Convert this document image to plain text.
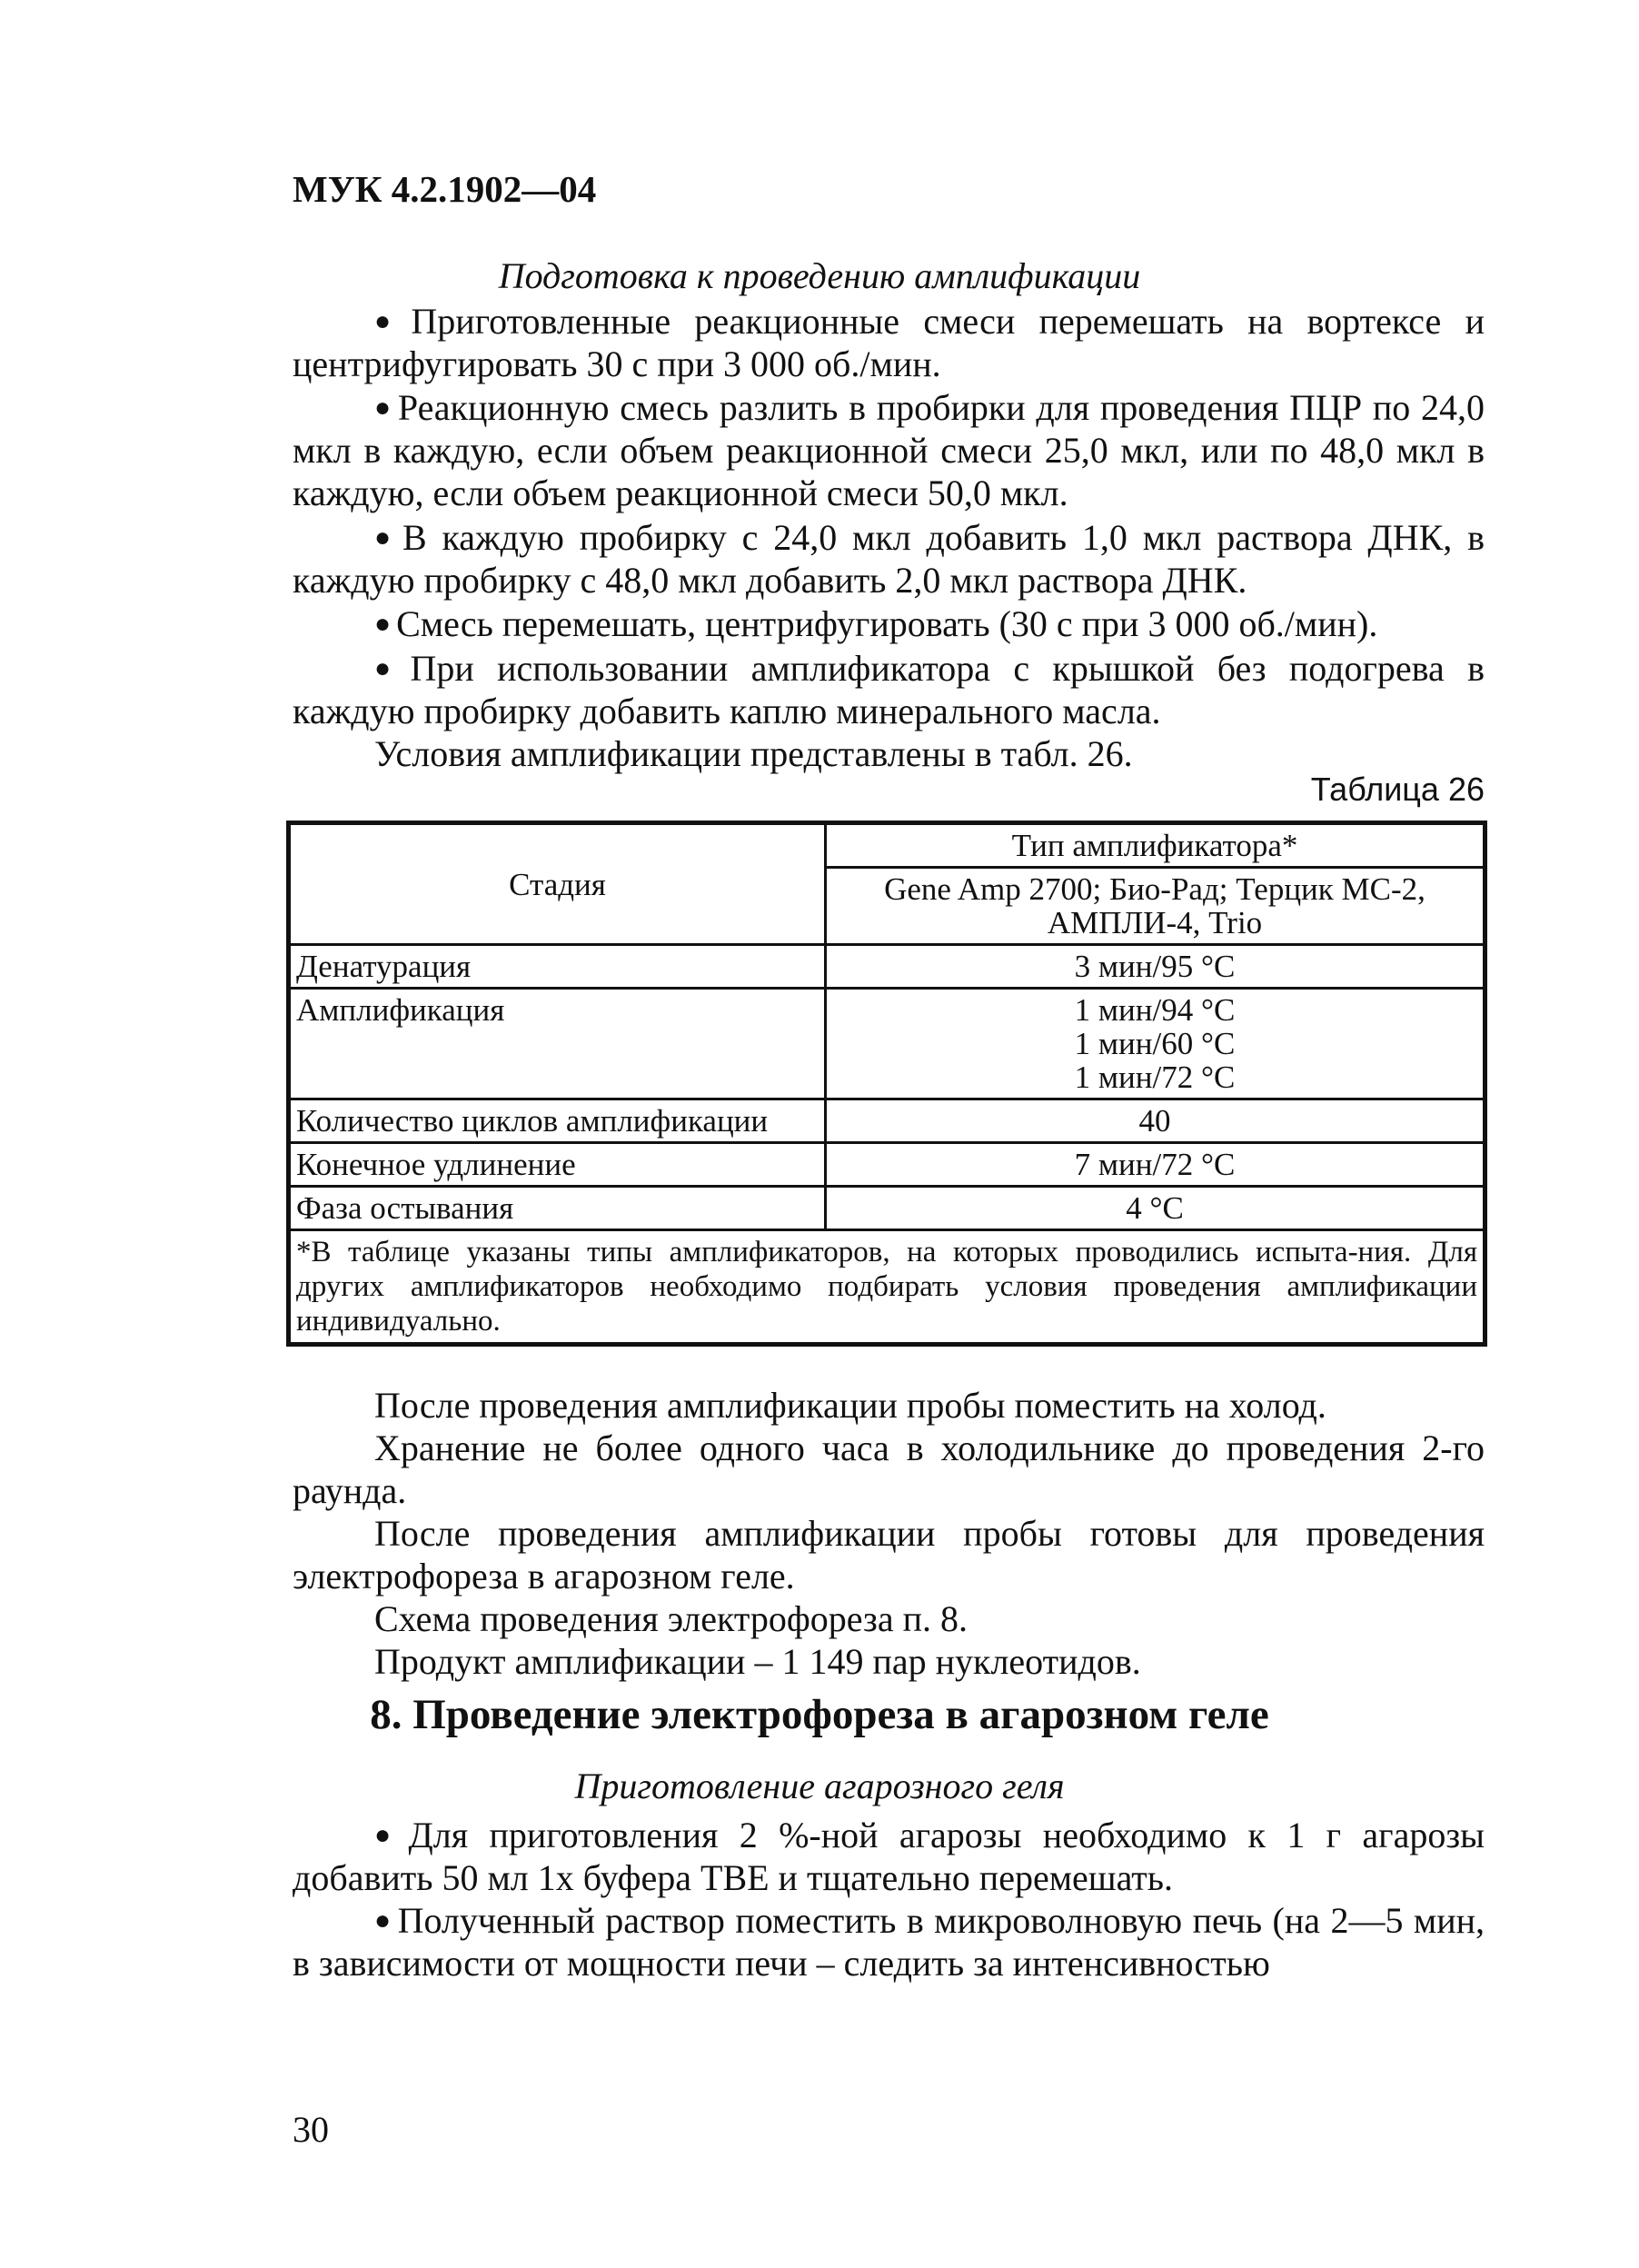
МУК 4.2.1902—04
Подготовка к проведению амплификации
● Приготовленные реакционные смеси перемешать на вортексе и центрифугировать 30 с при 3 000 об./мин.
● Реакционную смесь разлить в пробирки для проведения ПЦР по 24,0 мкл в каждую, если объем реакционной смеси 25,0 мкл, или по 48,0 мкл в каждую, если объем реакционной смеси 50,0 мкл.
● В каждую пробирку с 24,0 мкл добавить 1,0 мкл раствора ДНК, в каждую пробирку с 48,0 мкл добавить 2,0 мкл раствора ДНК.
● Смесь перемешать, центрифугировать (30 с при 3 000 об./мин).
● При использовании амплификатора с крышкой без подогрева в каждую пробирку добавить каплю минерального масла.
Условия амплификации представлены в табл. 26.
Таблица 26
Стадия	Тип амплификатора*
	Gene Amp 2700; Био-Рад; Терцик МС-2, АМПЛИ-4, Trio
Денатурация	3 мин/95 °С
Амплификация	1 мин/94 °С
1 мин/60 °С
1 мин/72 °С

Количество циклов амплификации	40
Конечное удлинение	7 мин/72 °С
Фаза остывания	4 °С
*В таблице указаны типы амплификаторов, на которых проводились испыта-ния. Для других амплификаторов необходимо подбирать условия проведения амплификации индивидуально.	
После проведения амплификации пробы поместить на холод.
Хранение не более одного часа в холодильнике до проведения 2-го раунда.
После проведения амплификации пробы готовы для проведения электрофореза в агарозном геле.
Схема проведения электрофореза п. 8.
Продукт амплификации – 1 149 пар нуклеотидов.
8. Проведение электрофореза в агарозном геле
Приготовление агарозного геля
● Для приготовления 2 %-ной агарозы необходимо к 1 г агарозы добавить 50 мл 1х буфера ТВЕ и тщательно перемешать.
● Полученный раствор поместить в микроволновую печь (на 2—5 мин, в зависимости от мощности печи – следить за интенсивностью
30
